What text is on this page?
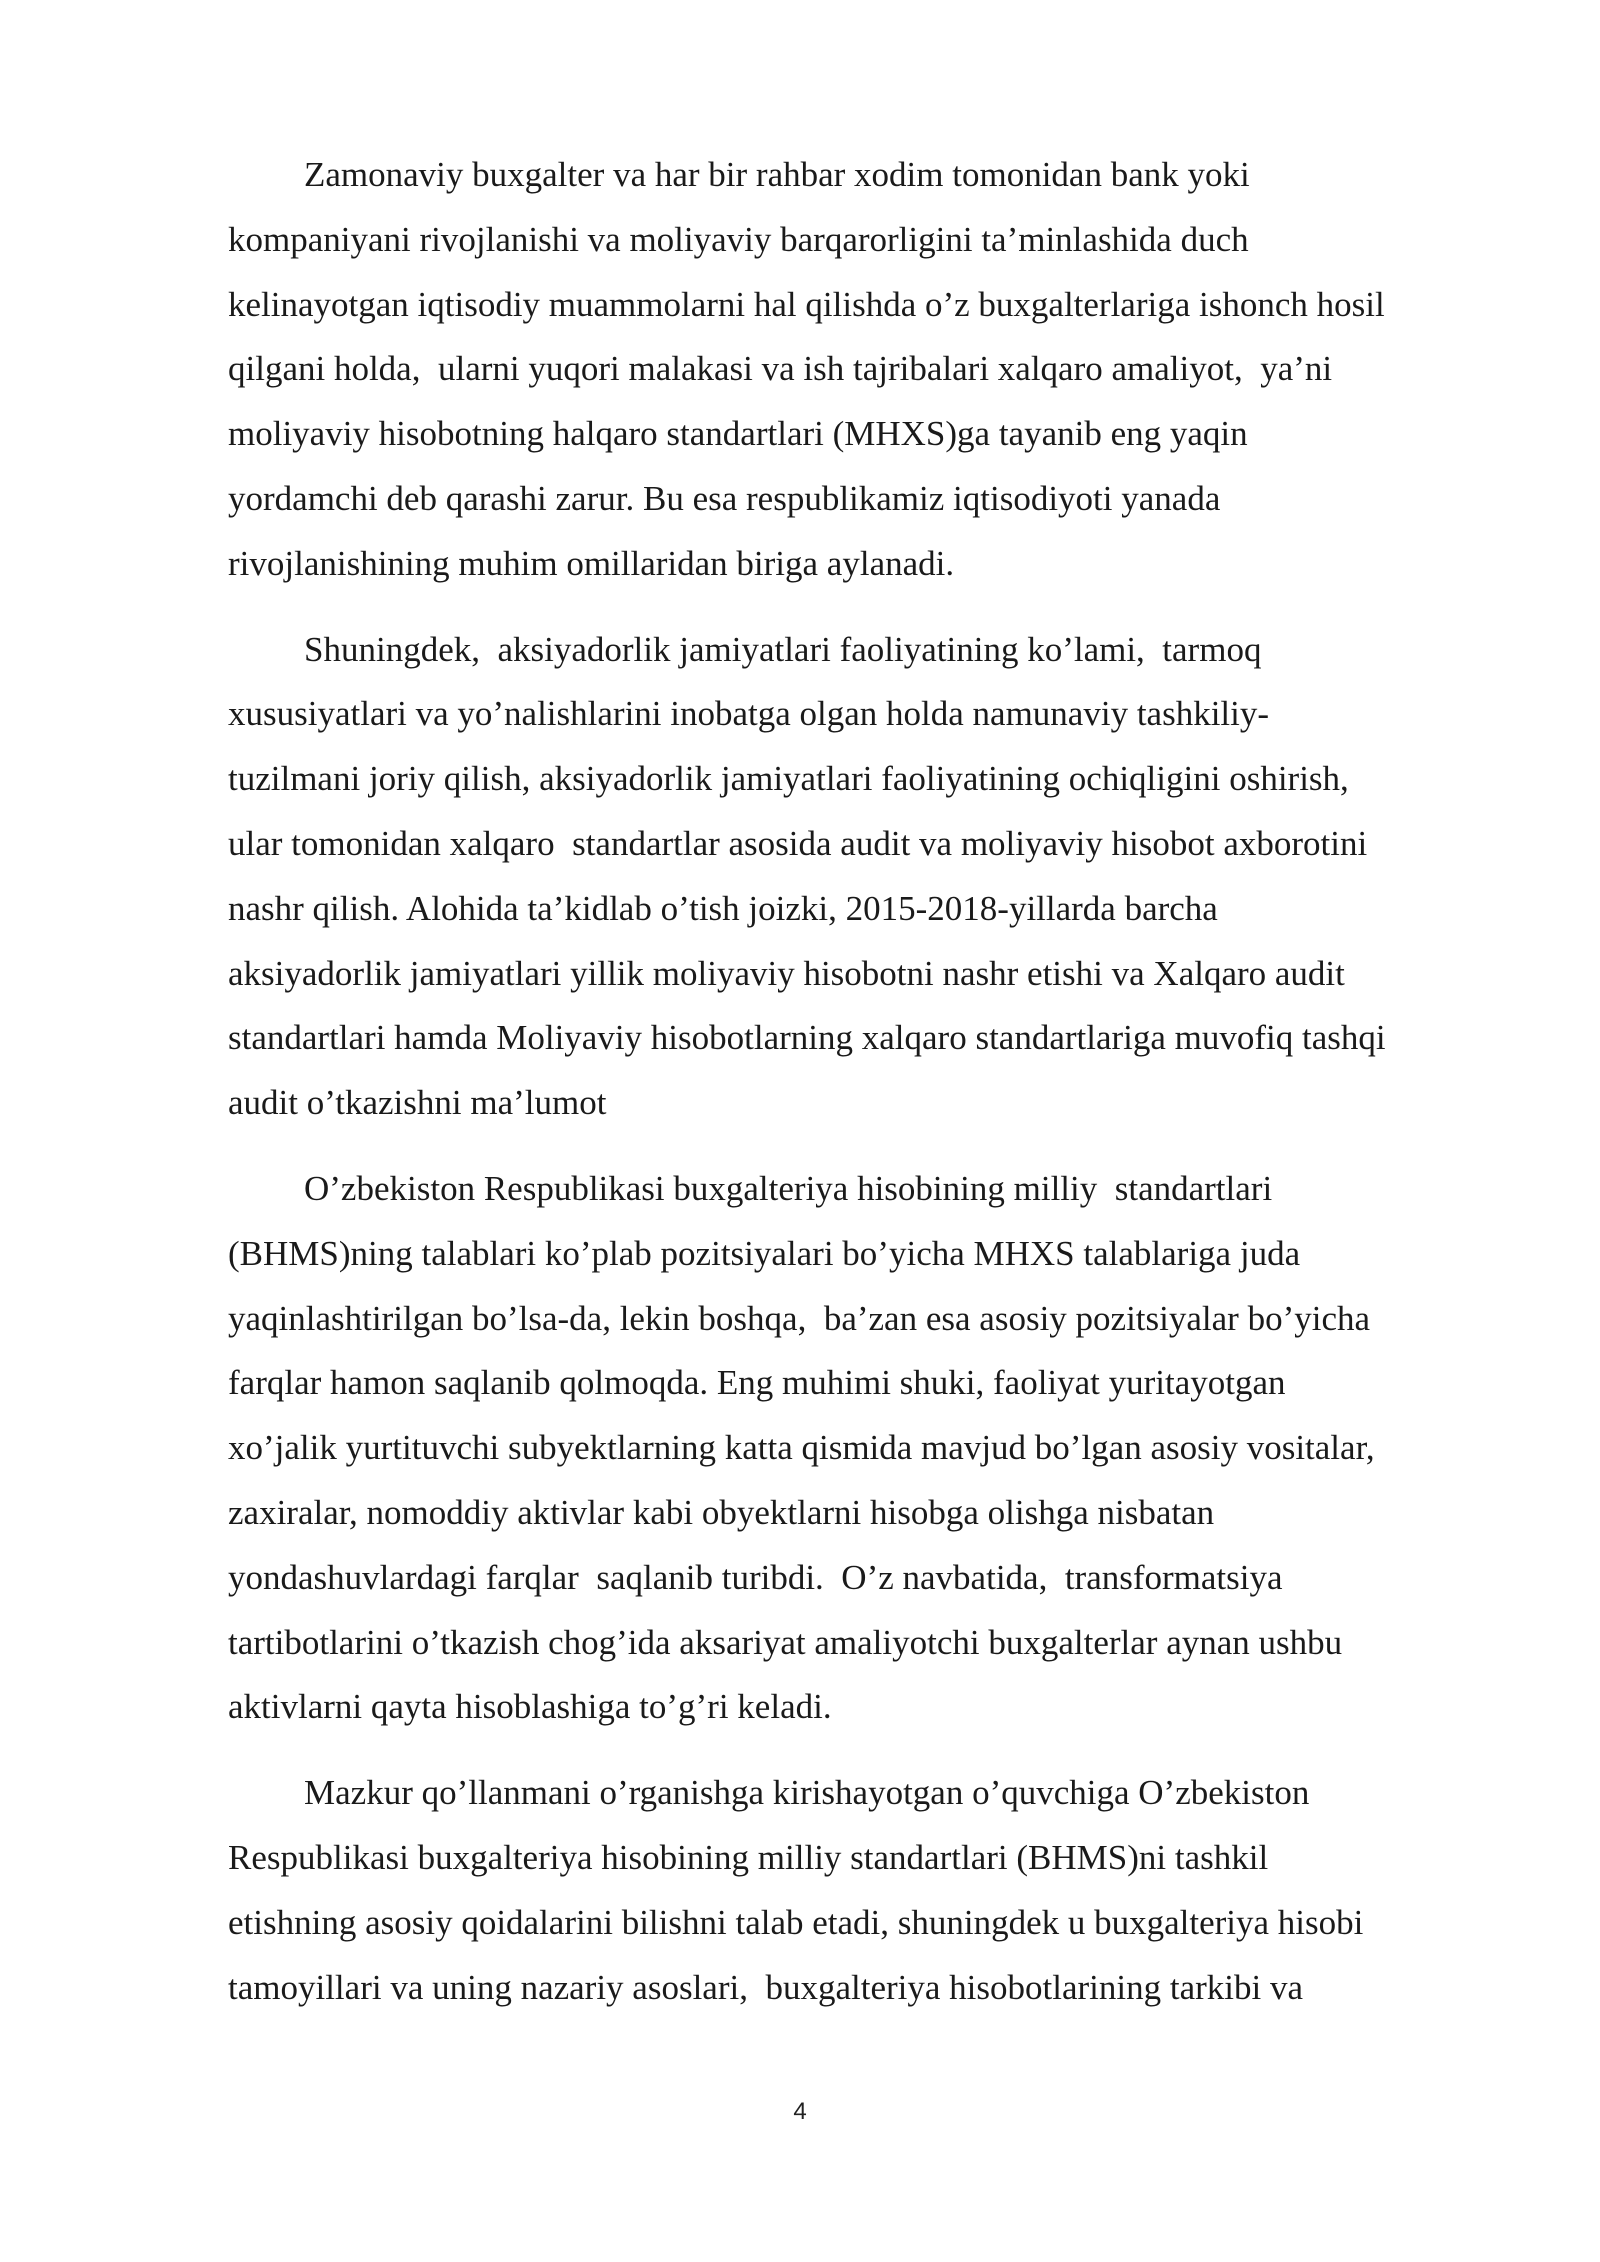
Zamonaviy buxgalter va har bir rahbar xodim tomonidan bank yoki
kompaniyani rivojlanishi va moliyaviy barqarorligini ta’minlashida duch
kelinayotgan iqtisodiy muammolarni hal qilishda o’z buxgalterlariga ishonch hosil
qilgani holda,  ularni yuqori malakasi va ish tajribalari xalqaro amaliyot,  ya’ni
moliyaviy hisobotning halqaro standartlari (MHXS)ga tayanib eng yaqin
yordamchi deb qarashi zarur. Bu esa respublikamiz iqtisodiyoti yanada
rivojlanishining muhim omillaridan biriga aylanadi.

Shuningdek,  aksiyadorlik jamiyatlari faoliyatining ko’lami,  tarmoq
xususiyatlari va yo’nalishlarini inobatga olgan holda namunaviy tashkiliy-
tuzilmani joriy qilish, aksiyadorlik jamiyatlari faoliyatining ochiqligini oshirish,
ular tomonidan xalqaro  standartlar asosida audit va moliyaviy hisobot axborotini
nashr qilish. Alohida ta’kidlab o’tish joizki, 2015-2018-yillarda barcha
aksiyadorlik jamiyatlari yillik moliyaviy hisobotni nashr etishi va Xalqaro audit
standartlari hamda Moliyaviy hisobotlarning xalqaro standartlariga muvofiq tashqi
audit o’tkazishni ma’lumot

O’zbekiston Respublikasi buxgalteriya hisobining milliy  standartlari
(BHMS)ning talablari ko’plab pozitsiyalari bo’yicha MHXS talablariga juda
yaqinlashtirilgan bo’lsa-da, lekin boshqa,  ba’zan esa asosiy pozitsiyalar bo’yicha
farqlar hamon saqlanib qolmoqda. Eng muhimi shuki, faoliyat yuritayotgan
xo’jalik yurtituvchi subyektlarning katta qismida mavjud bo’lgan asosiy vositalar,
zaxiralar, nomoddiy aktivlar kabi obyektlarni hisobga olishga nisbatan
yondashuvlardagi farqlar  saqlanib turibdi.  O’z navbatida,  transformatsiya
tartibotlarini o’tkazish chog’ida aksariyat amaliyotchi buxgalterlar aynan ushbu
aktivlarni qayta hisoblashiga to’g’ri keladi.

Mazkur qo’llanmani o’rganishga kirishayotgan o’quvchiga O’zbekiston
Respublikasi buxgalteriya hisobining milliy standartlari (BHMS)ni tashkil
etishning asosiy qoidalarini bilishni talab etadi, shuningdek u buxgalteriya hisobi
tamoyillari va uning nazariy asoslari,  buxgalteriya hisobotlarining tarkibi va

4
